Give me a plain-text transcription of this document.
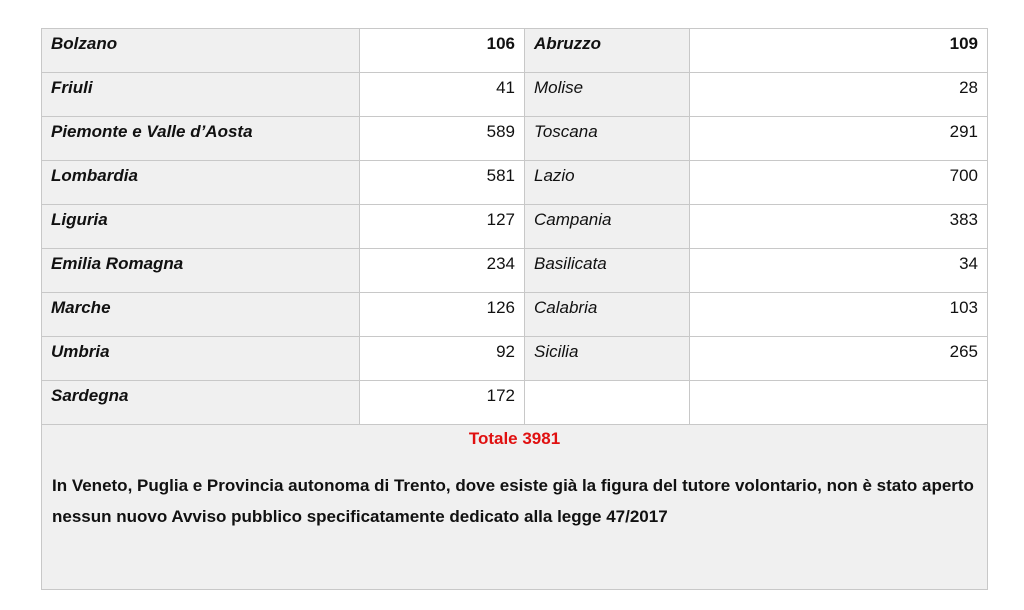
Bolzano	106	Abruzzo	109

Friuli	41	Molise	28

Piemonte e Valle d’Aosta	589	Toscana	291

Lombardia	581	Lazio	700

Liguria	127	Campania	383

Emilia Romagna	234	Basilicata	34

Marche	126	Calabria	103

Umbria	92	Sicilia	265

Sardegna	172		

Totale 3981
In Veneto, Puglia e Provincia autonoma di Trento, dove esiste già la figura del tutore volontario, non è stato aperto nessun nuovo Avviso pubblico specificatamente dedicato alla legge 47/2017			
